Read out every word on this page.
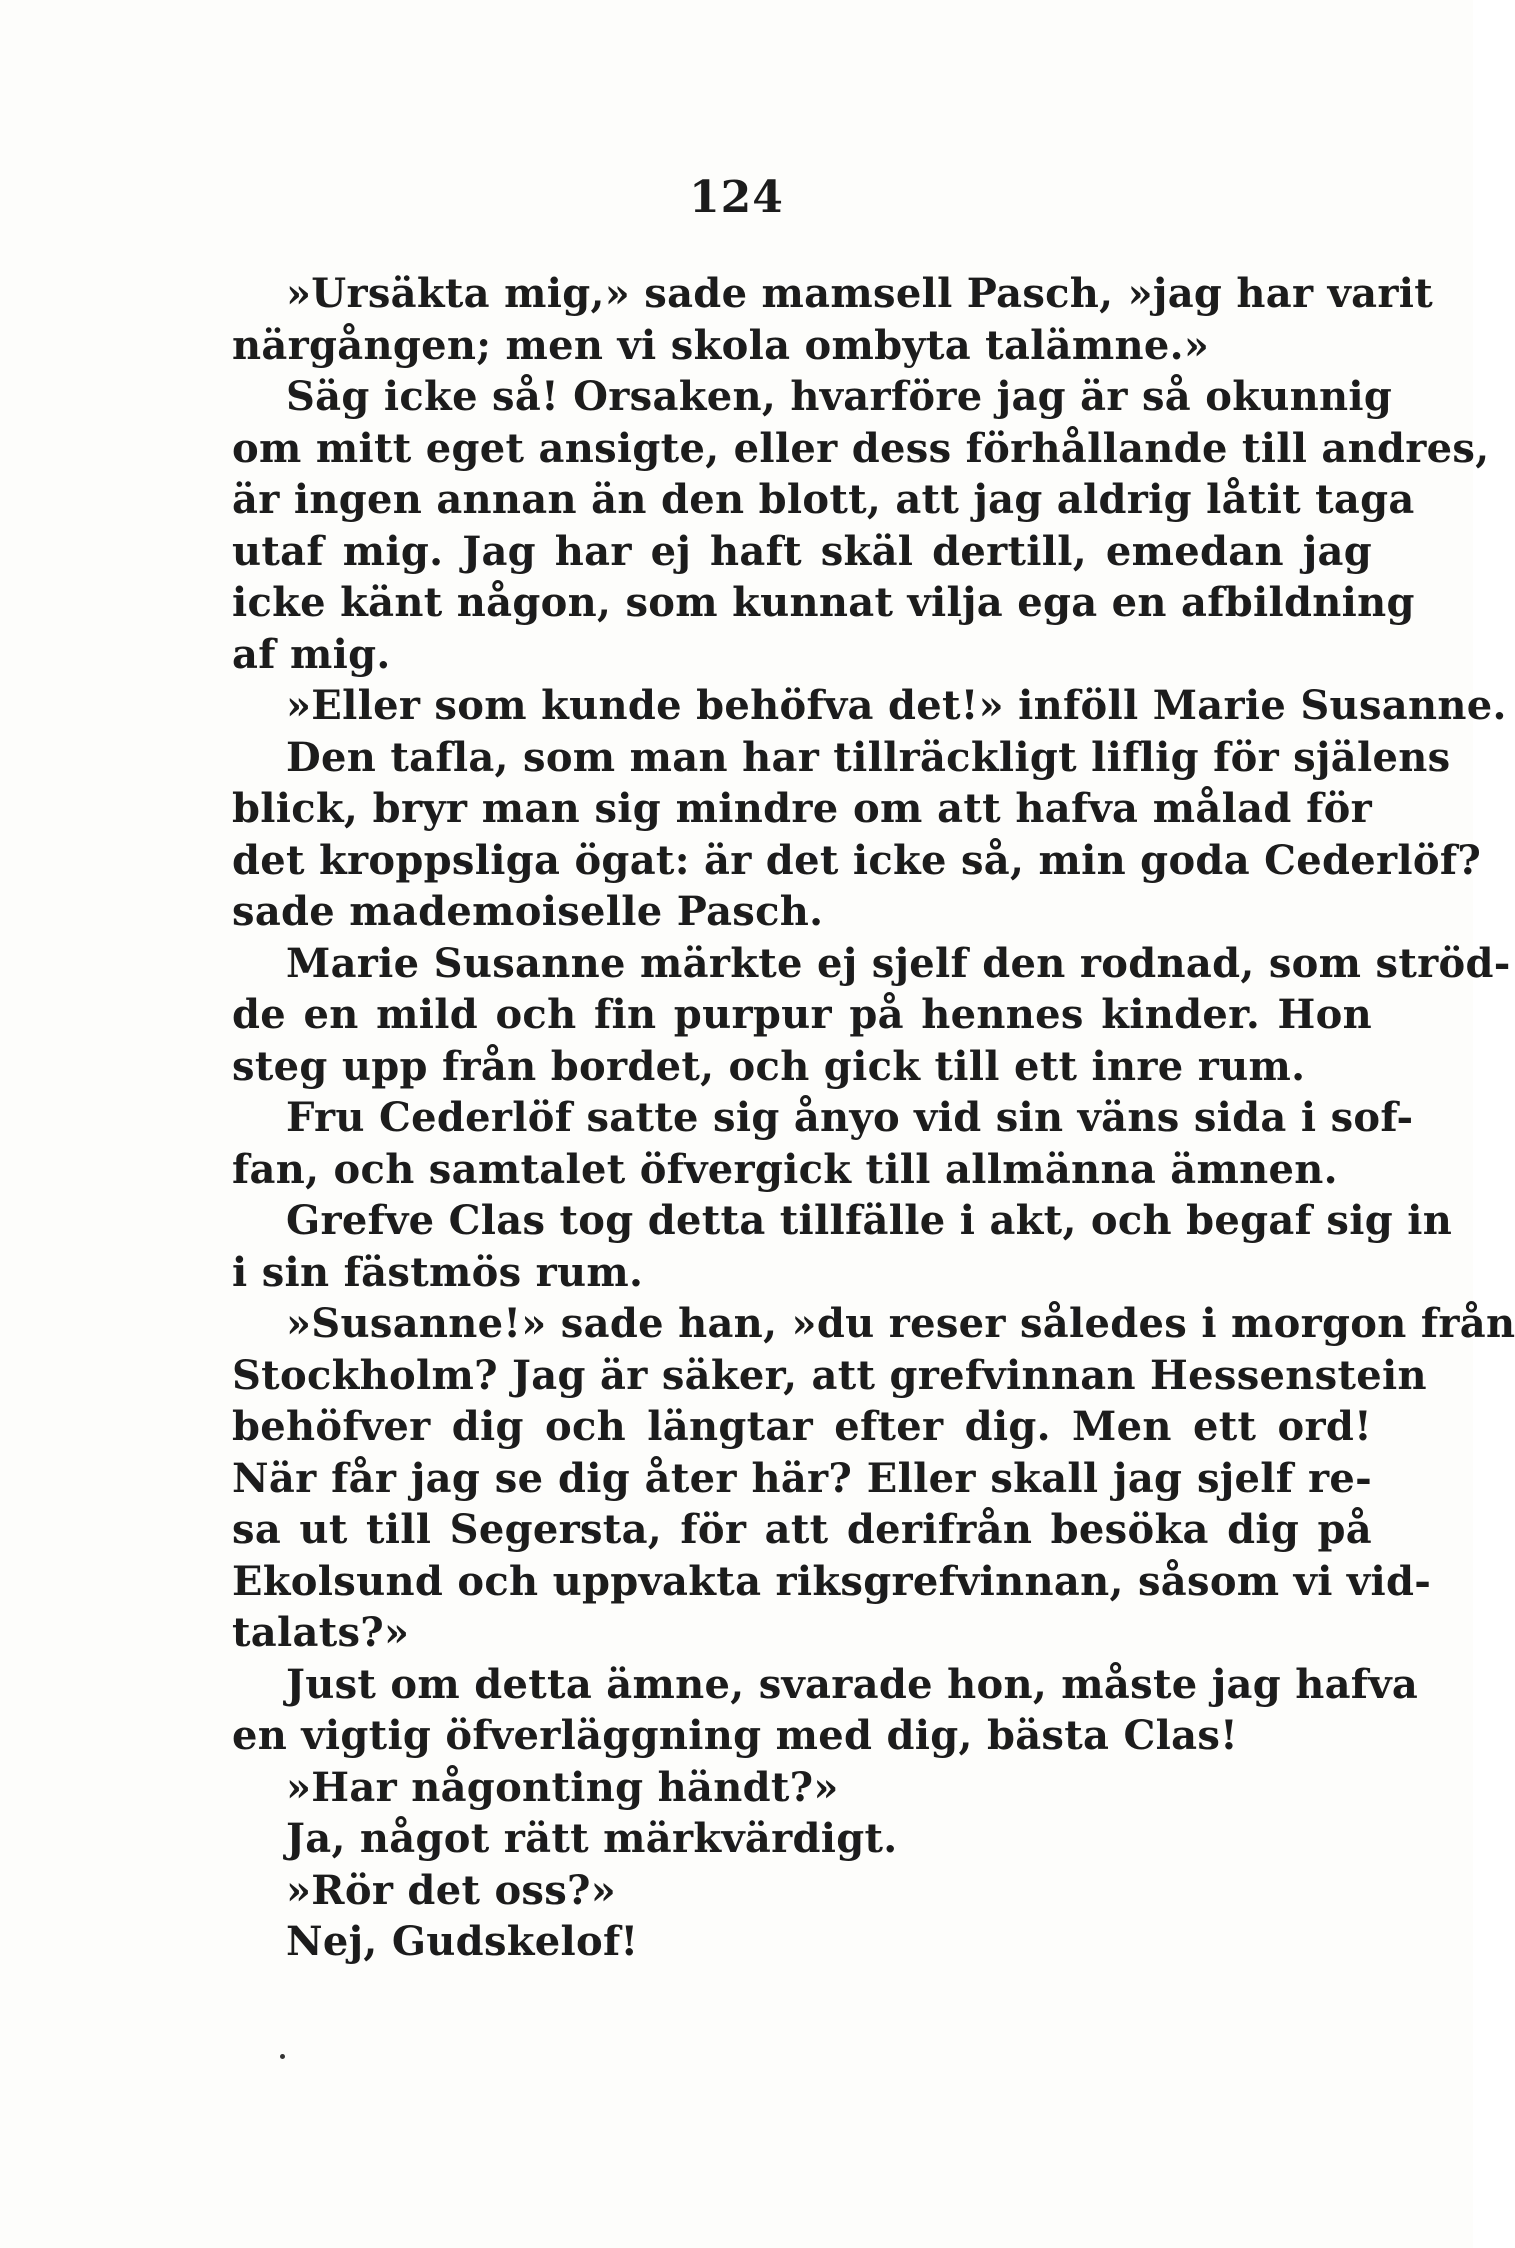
124
»Ursäkta mig,» sade mamsell Pasch, »jag har varit
närgången; men vi skola ombyta talämne.»
Säg icke så! Orsaken, hvarföre jag är så okunnig
om mitt eget ansigte, eller dess förhållande till andres,
är ingen annan än den blott, att jag aldrig låtit taga
utaf mig. Jag har ej haft skäl dertill, emedan jag
icke känt någon, som kunnat vilja ega en afbildning
af mig.
»Eller som kunde behöfva det!» inföll Marie Susanne.
Den tafla, som man har tillräckligt liflig för själens
blick, bryr man sig mindre om att hafva målad för
det kroppsliga ögat: är det icke så, min goda Cederlöf?
sade mademoiselle Pasch.
Marie Susanne märkte ej sjelf den rodnad, som ströd-
de en mild och fin purpur på hennes kinder. Hon
steg upp från bordet, och gick till ett inre rum.
Fru Cederlöf satte sig ånyo vid sin väns sida i sof-
fan, och samtalet öfvergick till allmänna ämnen.
Grefve Clas tog detta tillfälle i akt, och begaf sig in
i sin fästmös rum.
»Susanne!» sade han, »du reser således i morgon från
Stockholm? Jag är säker, att grefvinnan Hessenstein
behöfver dig och längtar efter dig. Men ett ord!
När får jag se dig åter här? Eller skall jag sjelf re-
sa ut till Segersta, för att derifrån besöka dig på
Ekolsund och uppvakta riksgrefvinnan, såsom vi vid-
talats?»
Just om detta ämne, svarade hon, måste jag hafva
en vigtig öfverläggning med dig, bästa Clas!
»Har någonting händt?»
Ja, något rätt märkvärdigt.
»Rör det oss?»
Nej, Gudskelof!
